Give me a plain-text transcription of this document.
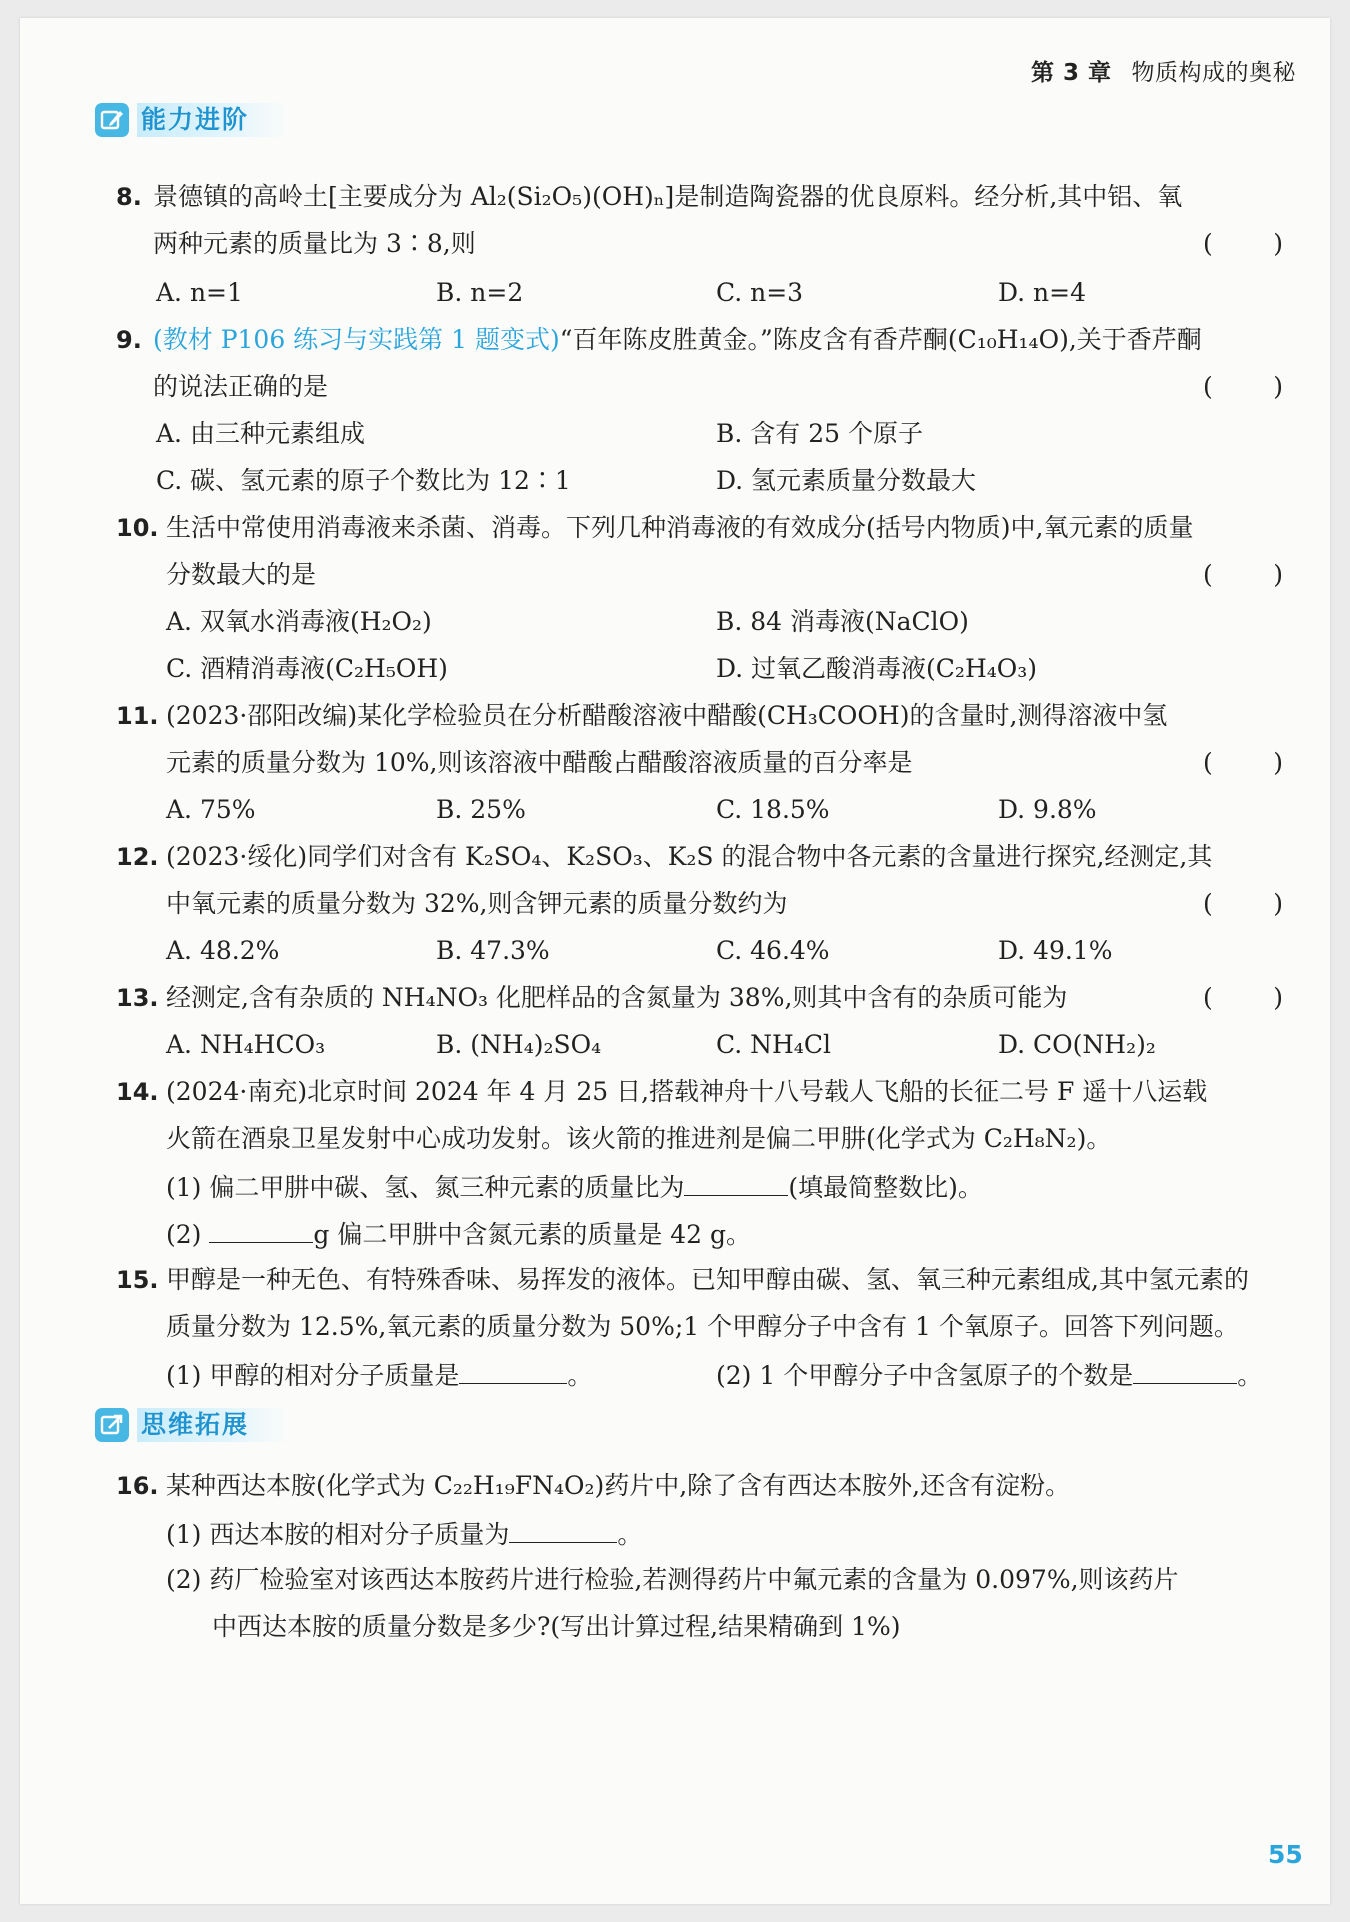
第 3 章 物质构成的奥秘
能力进阶
8. 景德镇的高岭土[主要成分为 Al₂(Si₂O₅)(OH)ₙ]是制造陶瓷器的优良原料。经分析,其中铝、氧
两种元素的质量比为 3∶8,则	( )
A. n=1	B. n=2	C. n=3	D. n=4
9. (教材 P106 练习与实践第 1 题变式)“百年陈皮胜黄金。”陈皮含有香芹酮(C₁₀H₁₄O),关于香芹酮
的说法正确的是	( )
A. 由三种元素组成	B. 含有 25 个原子
C. 碳、氢元素的原子个数比为 12∶1	D. 氢元素质量分数最大
10. 生活中常使用消毒液来杀菌、消毒。下列几种消毒液的有效成分(括号内物质)中,氧元素的质量
分数最大的是	( )
A. 双氧水消毒液(H₂O₂)	B. 84 消毒液(NaClO)
C. 酒精消毒液(C₂H₅OH)	D. 过氧乙酸消毒液(C₂H₄O₃)
11. (2023·邵阳改编)某化学检验员在分析醋酸溶液中醋酸(CH₃COOH)的含量时,测得溶液中氢
元素的质量分数为 10%,则该溶液中醋酸占醋酸溶液质量的百分率是	( )
A. 75%	B. 25%	C. 18.5%	D. 9.8%
12. (2023·绥化)同学们对含有 K₂SO₄、K₂SO₃、K₂S 的混合物中各元素的含量进行探究,经测定,其
中氧元素的质量分数为 32%,则含钾元素的质量分数约为	( )
A. 48.2%	B. 47.3%	C. 46.4%	D. 49.1%
13. 经测定,含有杂质的 NH₄NO₃ 化肥样品的含氮量为 38%,则其中含有的杂质可能为	( )
A. NH₄HCO₃	B. (NH₄)₂SO₄	C. NH₄Cl	D. CO(NH₂)₂
14. (2024·南充)北京时间 2024 年 4 月 25 日,搭载神舟十八号载人飞船的长征二号 F 遥十八运载
火箭在酒泉卫星发射中心成功发射。该火箭的推进剂是偏二甲肼(化学式为 C₂H₈N₂)。
(1) 偏二甲肼中碳、氢、氮三种元素的质量比为	(填最简整数比)。
(2)	g 偏二甲肼中含氮元素的质量是 42 g。
15. 甲醇是一种无色、有特殊香味、易挥发的液体。已知甲醇由碳、氢、氧三种元素组成,其中氢元素的
质量分数为 12.5%,氧元素的质量分数为 50%;1 个甲醇分子中含有 1 个氧原子。回答下列问题。
(1) 甲醇的相对分子质量是	。	(2) 1 个甲醇分子中含氢原子的个数是	。
思维拓展
16. 某种西达本胺(化学式为 C₂₂H₁₉FN₄O₂)药片中,除了含有西达本胺外,还含有淀粉。
(1) 西达本胺的相对分子质量为	。
(2) 药厂检验室对该西达本胺药片进行检验,若测得药片中氟元素的含量为 0.097%,则该药片
中西达本胺的质量分数是多少?(写出计算过程,结果精确到 1%)
55
